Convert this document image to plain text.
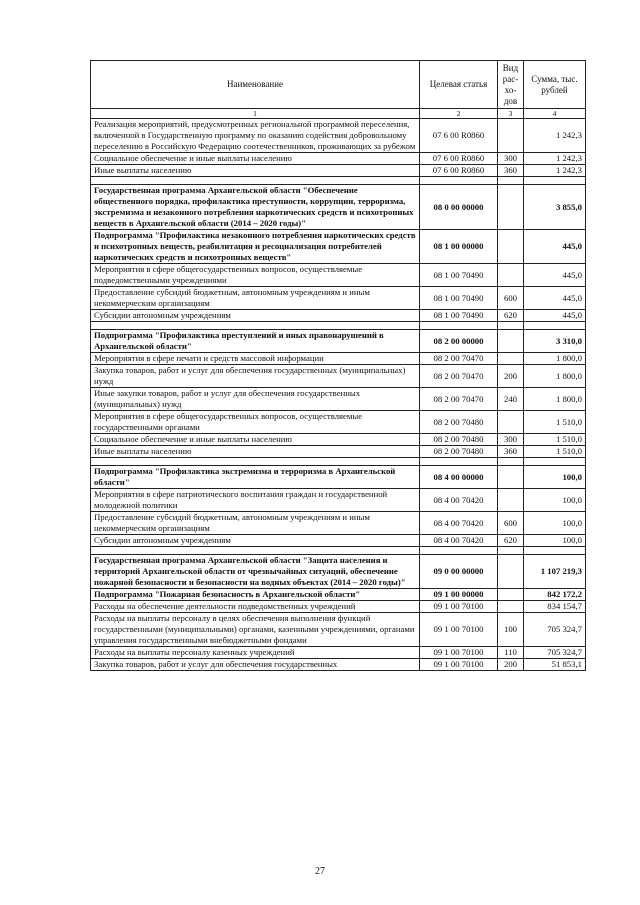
Наименование	Целевая статья	Вид рас-хо-дов	Сумма, тыс. рублей
1	2	3	4
Реализация мероприятий, предусмотренных региональной программой переселения, включенной в Государственную программу по оказанию содействия добровольному переселению в Российскую Федерацию соотечественников, проживающих за рубежом	07 6 00 R0860		1 242,3
Социальное обеспечение и иные выплаты населению	07 6 00 R0860	300	1 242,3
Иные выплаты населению	07 6 00 R0860	360	1 242,3

Государственная программа Архангельской области "Обеспечение общественного порядка, профилактика преступности, коррупции, терроризма, экстремизма и незаконного потребления наркотических средств и психотропных веществ в Архангельской области (2014 – 2020 годы)"	08 0 00 00000		3 855,0
Подпрограмма "Профилактика незаконного потребления наркотических средств и психотропных веществ, реабилитация и ресоциализация потребителей наркотических средств и психотропных веществ"	08 1 00 00000		445,0
Мероприятия в сфере общегосударственных вопросов, осуществляемые подведомственными учреждениями	08 1 00 70490		445,0
Предоставление субсидий бюджетным, автономным учреждениям и иным некоммерческим организациям	08 1 00 70490	600	445,0
Субсидии автономным учреждениям	08 1 00 70490	620	445,0

Подпрограмма "Профилактика преступлений и иных правонарушений в Архангельской области"	08 2 00 00000		3 310,0
Мероприятия в сфере печати и средств массовой информации	08 2 00 70470		1 800,0
Закупка товаров, работ и услуг для обеспечения государственных (муниципальных) нужд	08 2 00 70470	200	1 800,0
Иные закупки товаров, работ и услуг для обеспечения государственных (муниципальных) нужд	08 2 00 70470	240	1 800,0
Мероприятия в сфере общегосударственных вопросов, осуществляемые государственными органами	08 2 00 70480		1 510,0
Социальное обеспечение и иные выплаты населению	08 2 00 70480	300	1 510,0
Иные выплаты населению	08 2 00 70480	360	1 510,0

Подпрограмма "Профилактика экстремизма и терроризма в Архангельской области"	08 4 00 00000		100,0
Мероприятия в сфере патриотического воспитания граждан и государственной молодежной политики	08 4 00 70420		100,0
Предоставление субсидий бюджетным, автономным учреждениям и иным некоммерческим организациям	08 4 00 70420	600	100,0
Субсидии автономным учреждениям	08 4 00 70420	620	100,0

Государственная программа Архангельской области "Защита населения и территорий Архангельской области от чрезвычайных ситуаций, обеспечение пожарной безопасности и безопасности на водных объектах (2014 – 2020 годы)"	09 0 00 00000		1 107 219,3
Подпрограмма "Пожарная безопасность в Архангельской области"	09 1 00 00000		842 172,2
Расходы на обеспечение деятельности подведомственных учреждений	09 1 00 70100		834 154,7
Расходы на выплаты персоналу в целях обеспечения выполнения функций государственными (муниципальными) органами, казенными учреждениями, органами управления государственными внебюджетными фондами	09 1 00 70100	100	705 324,7
Расходы на выплаты персоналу казенных учреждений	09 1 00 70100	110	705 324,7
Закупка товаров, работ и услуг для обеспечения государственных	09 1 00 70100	200	51 853,1
27
